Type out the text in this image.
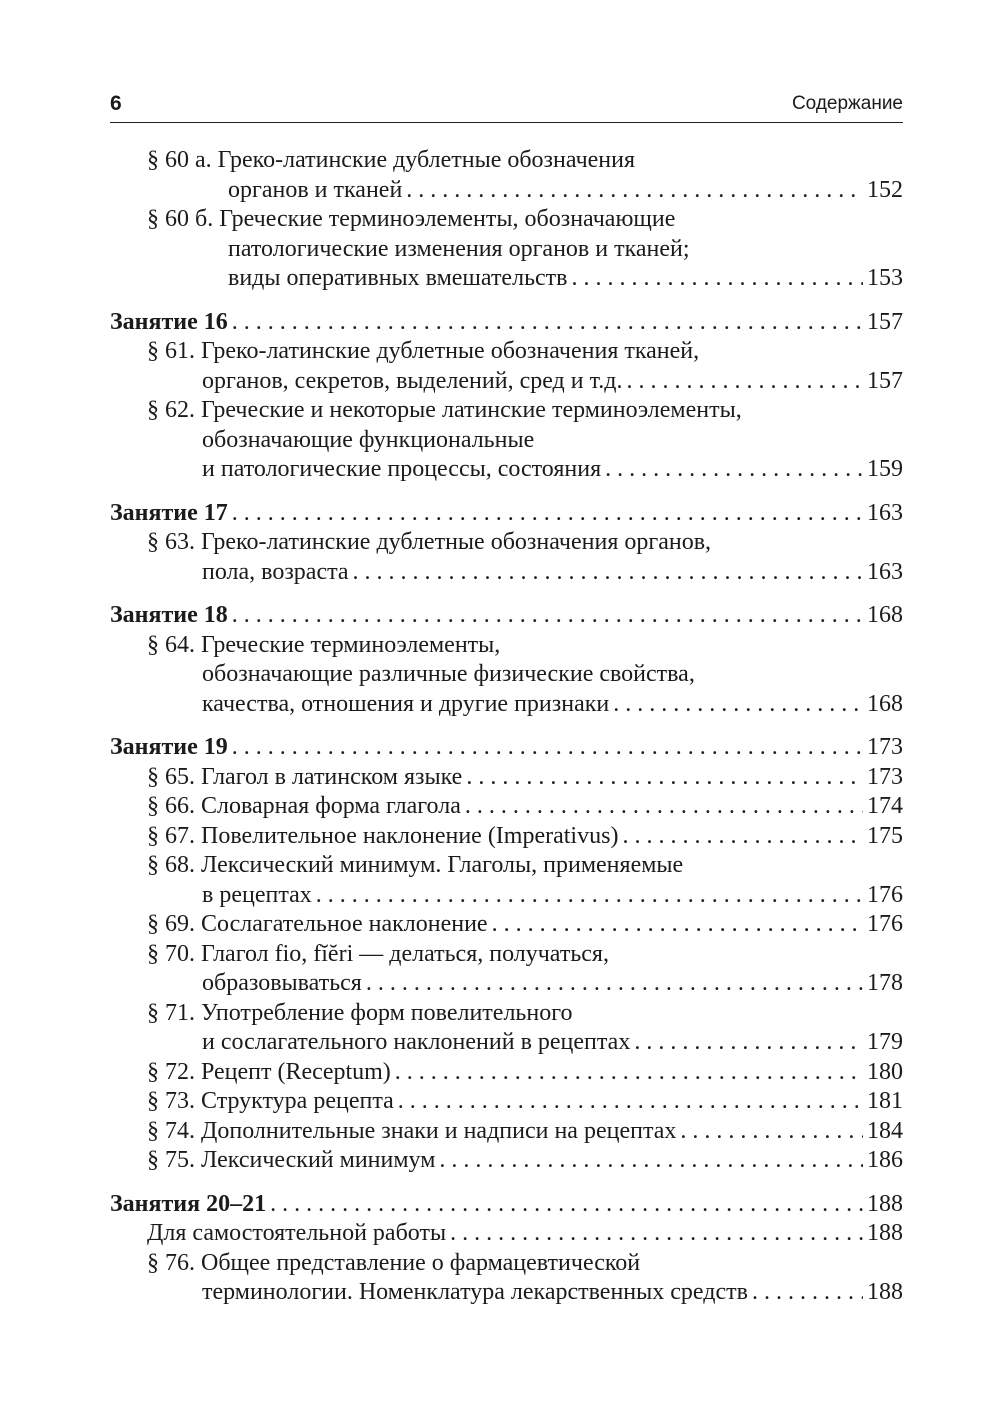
6	Содержание
§ 60 а. Греко-латинские дублетные обозначения
органов и тканей . . .	152
§ 60 б. Греческие терминоэлементы, обозначающие
патологические изменения органов и тканей;
виды оперативных вмешательств . . .	153
Занятие 16 . . .	157
§ 61. Греко-латинские дублетные обозначения тканей,
органов, секретов, выделений, сред и т.д. . . .	157
§ 62. Греческие и некоторые латинские терминоэлементы,
обозначающие функциональные
и патологические процессы, состояния . . .	159
Занятие 17 . . .	163
§ 63. Греко-латинские дублетные обозначения органов,
пола, возраста . . .	163
Занятие 18 . . .	168
§ 64. Греческие терминоэлементы,
обозначающие различные физические свойства,
качества, отношения и другие признаки . . .	168
Занятие 19 . . .	173
§ 65. Глагол в латинском языке . . .	173
§ 66. Словарная форма глагола . . .	174
§ 67. Повелительное наклонение (Imperativus) . . .	175
§ 68. Лексический минимум. Глаголы, применяемые
в рецептах . . .	176
§ 69. Сослагательное наклонение . . .	176
§ 70. Глагол fio, fĭĕri — делаться, получаться,
образовываться . . .	178
§ 71. Употребление форм повелительного
и сослагательного наклонений в рецептах . . .	179
§ 72. Рецепт (Receptum) . . .	180
§ 73. Структура рецепта . . .	181
§ 74. Дополнительные знаки и надписи на рецептах . . .	184
§ 75. Лексический минимум . . .	186
Занятия 20–21 . . .	188
Для самостоятельной работы . . .	188
§ 76. Общее представление о фармацевтической
терминологии. Номенклатура лекарственных средств . . .	188
